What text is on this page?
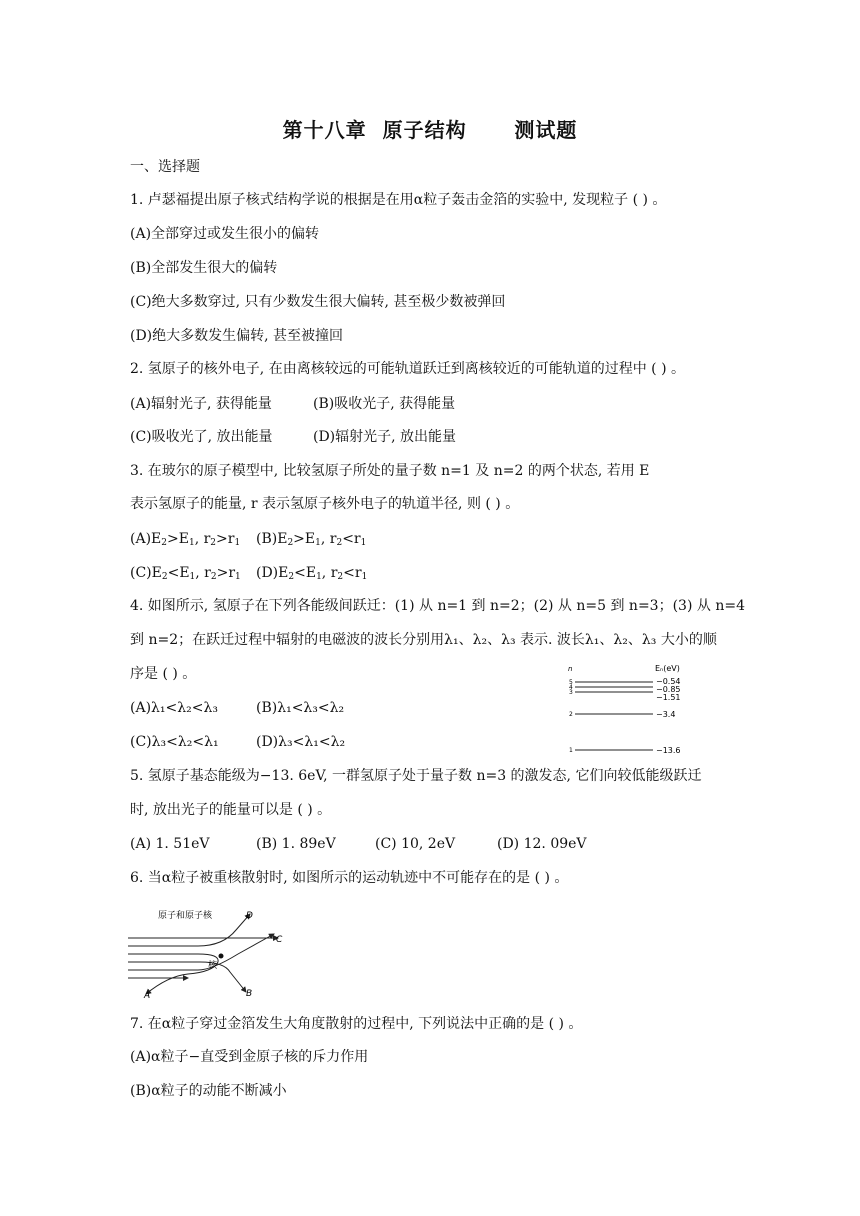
第十八章  原子结构      测试题
一、选择题
1. 卢瑟福提出原子核式结构学说的根据是在用α粒子轰击金箔的实验中, 发现粒子 ( ) 。
(A)全部穿过或发生很小的偏转
(B)全部发生很大的偏转
(C)绝大多数穿过, 只有少数发生很大偏转, 甚至极少数被弹回
(D)绝大多数发生偏转, 甚至被撞回
2. 氢原子的核外电子, 在由离核较远的可能轨道跃迁到离核较近的可能轨道的过程中 ( ) 。
(A)辐射光子, 获得能量	(B)吸收光子, 获得能量
(C)吸收光了, 放出能量	(D)辐射光子, 放出能量
3. 在玻尔的原子模型中, 比较氢原子所处的量子数 n=1 及 n=2 的两个状态, 若用 E
表示氢原子的能量, r 表示氢原子核外电子的轨道半径, 则 ( ) 。
$(A)E_2>E_1$, $r_2>r_1$ $(B)E_2>E_1$, $r_2<r_1$
$(C)E_2<E_1$, $r_2>r_1$ $(D)E_2<E_1$, $r_2<r_1$
4. 如图所示, 氢原子在下列各能级间跃迁：(1) 从 n=1 到 n=2；(2) 从 n=5 到 n=3；(3) 从 n=4
到 n=2；在跃迁过程中辐射的电磁波的波长分别用λ₁、λ₂、λ₃ 表示. 波长λ₁、λ₂、λ₃ 大小的顺
序是 ( ) 。
(A)λ₁<λ₂<λ₃	(B)λ₁<λ₃<λ₂
(C)λ₃<λ₂<λ₁	(D)λ₃<λ₁<λ₂
n	Eₙ(eV)
5
4
3
2
1
−0.54
−0.85
−1.51
−3.4
−13.6
5. 氢原子基态能级为−13. 6eV, 一群氢原子处于量子数 n=3 的激发态, 它们向较低能级跃迁
时, 放出光子的能量可以是 ( ) 。
(A) 1. 51eV	(B) 1. 89eV	(C) 10, 2eV	(D) 12. 09eV
6. 当α粒子被重核散射时, 如图所示的运动轨迹中不可能存在的是 ( ) 。
原子和原子核
核
D
C
A	B
7. 在α粒子穿过金箔发生大角度散射的过程中, 下列说法中正确的是 ( ) 。
(A)α粒子−直受到金原子核的斥力作用
(B)α粒子的动能不断减小
